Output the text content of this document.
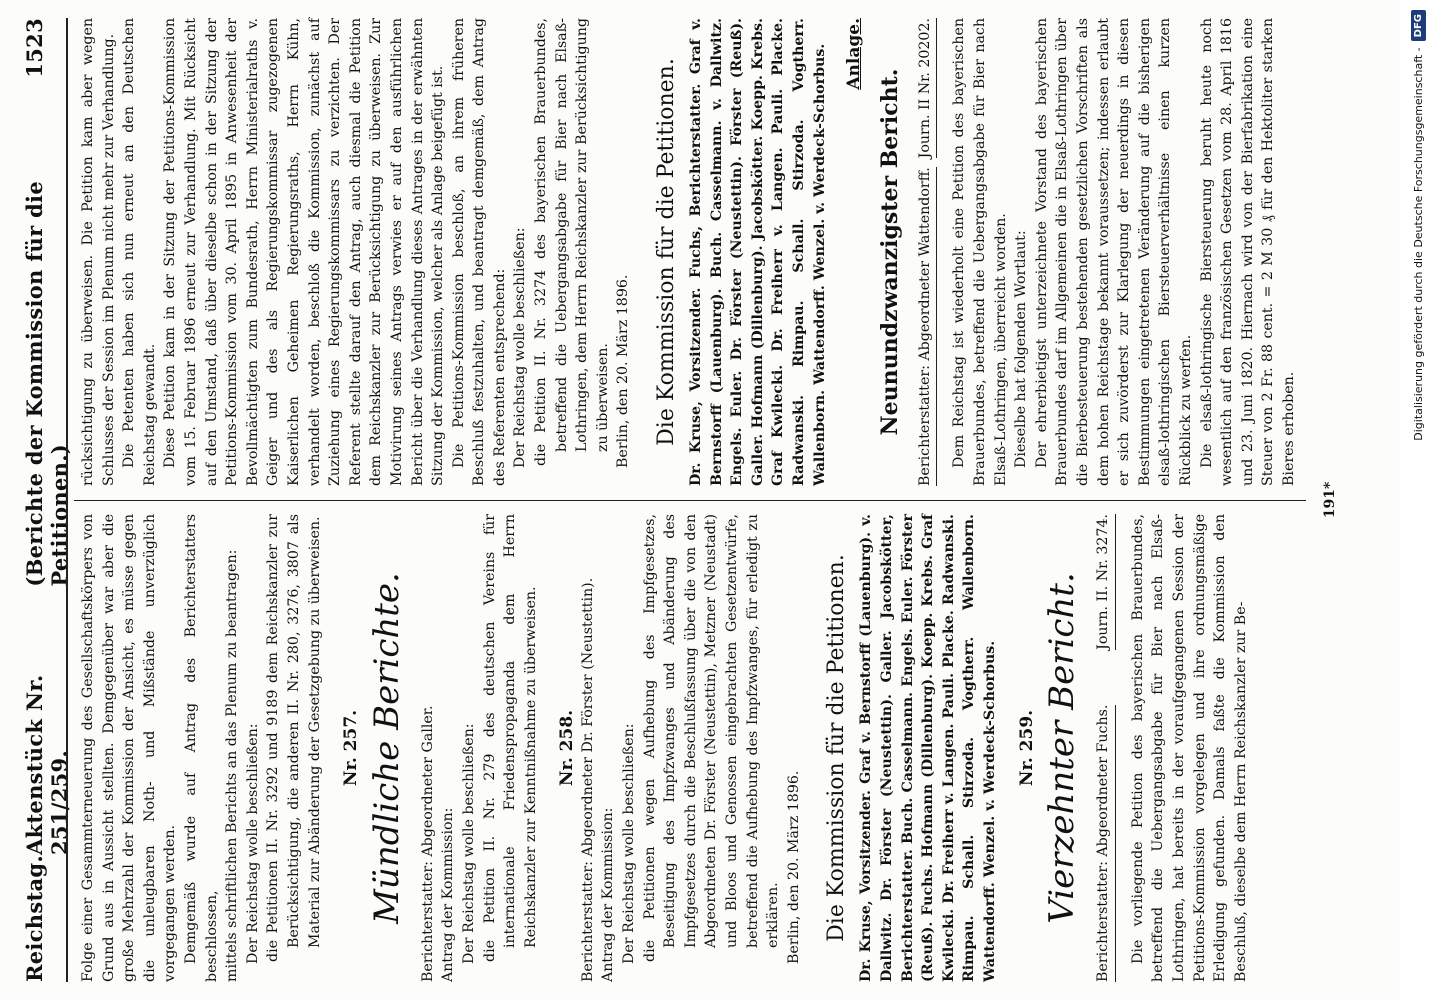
Reichstag.
Aktenstück Nr. 251/259.
(Berichte der Kommission für die Petitionen.)
1523

Folge einer Gesammterneuerung des Gesellschaftskörpers von Grund aus in Aussicht stellten. Demgegenüber war aber die große Mehrzahl der Kommission der Ansicht, es müsse gegen die unleugbaren Noth- und Mißstände unverzüglich vorgegangen werden. Demgemäß wurde auf Antrag des Berichterstatters beschlossen, mittels schriftlichen Berichts an das Plenum zu beantragen: Der Reichstag wolle beschließen: die Petitionen II. Nr. 3292 und 9189 dem Reichskanzler zur Berücksichtigung, die anderen II. Nr. 280, 3276, 3807 als Material zur Abänderung der Gesetzgebung zu überweisen. Nr. 257. Mündliche Berichte. Berichterstatter: Abgeordneter Galler. Antrag der Kommission: Der Reichstag wolle beschließen: die Petition II. Nr. 279 des deutschen Vereins für internationale Friedenspropaganda dem Herrn Reichskanzler zur Kenntnißnahme zu überweisen. Nr. 258. Berichterstatter: Abgeordneter Dr. Förster (Neustettin). Antrag der Kommission: Der Reichstag wolle beschließen: die Petitionen wegen Aufhebung des Impfgesetzes, Beseitigung des Impfzwanges und Abänderung des Impfgesetzes durch die Beschlußfassung über die von den Abgeordneten Dr. Förster (Neustettin), Metzner (Neustadt) und Bloos und Genossen eingebrachten Gesetzentwürfe, betreffend die Aufhebung des Impfzwanges, für erledigt zu erklären. Berlin, den 20. März 1896. Die Kommission für die Petitionen. Dr. Kruse, Vorsitzender. Graf v. Bernstorff (Lauenburg). v. Dallwitz. Dr. Förster (Neustettin). Galler. Jacobskötter, Berichterstatter. Buch. Casselmann. Engels. Euler. Förster (Reuß). Fuchs. Hofmann (Dillenburg). Koepp. Krebs. Graf Kwilecki. Dr. Freiherr v. Langen. Pauli. Placke. Radwanski. Rimpau. Schall. Stirzoda. Vogtherr. Wallenborn. Wattendorff. Wenzel. v. Werdeck-Schorbus. Nr. 259. Vierzehnter Bericht. Berichterstatter: Abgeordneter Fuchs.
Journ. II. Nr. 3274.	Die vorliegende Petition des bayerischen Brauerbundes, betreffend die Uebergangsabgabe für Bier nach Elsaß-Lothringen, hat bereits in der voraufgegangenen Session der Petitions-Kommission vorgelegen und ihre ordnungsmäßige Erledigung gefunden. Damals faßte die Kommission den Beschluß, dieselbe dem Herrn Reichskanzler zur Be-

rücksichtigung zu überweisen. Die Petition kam aber wegen Schlusses der Session im Plenum nicht mehr zur Verhandlung. Die Petenten haben sich nun erneut an den Deutschen Reichstag gewandt. Diese Petition kam in der Sitzung der Petitions-Kommission vom 15. Februar 1896 erneut zur Verhandlung. Mit Rücksicht auf den Umstand, daß über dieselbe schon in der Sitzung der Petitions-Kommission vom 30. April 1895 in Anwesenheit der Bevollmächtigten zum Bundesrath, Herrn Ministerialraths v. Geiger und des als Regierungskommissar zugezogenen Kaiserlichen Geheimen Regierungsraths, Herrn Kühn, verhandelt worden, beschloß die Kommission, zunächst auf Zuziehung eines Regierungskommissars zu verzichten. Der Referent stellte darauf den Antrag, auch diesmal die Petition dem Reichskanzler zur Berücksichtigung zu überweisen. Zur Motivirung seines Antrags verwies er auf den ausführlichen Bericht über die Verhandlung dieses Antrages in der erwähnten Sitzung der Kommission, welcher als Anlage beigefügt ist. Die Petitions-Kommission beschloß, an ihrem früheren Beschluß festzuhalten, und beantragt demgemäß, dem Antrag des Referenten entsprechend: Der Reichstag wolle beschließen: die Petition II. Nr. 3274 des bayerischen Brauerbundes, betreffend die Uebergangsabgabe für Bier nach Elsaß-Lothringen, dem Herrn Reichskanzler zur Berücksichtigung zu überweisen. Berlin, den 20. März 1896. Die Kommission für die Petitionen. Dr. Kruse, Vorsitzender. Fuchs, Berichterstatter. Graf v. Bernstorff (Lauenburg). Buch. Casselmann. v. Dallwitz. Engels. Euler. Dr. Förster (Neustettin). Förster (Reuß). Galler. Hofmann (Dillenburg). Jacobskötter. Koepp. Krebs. Graf Kwilecki. Dr. Freiherr v. Langen. Pauli. Placke. Radwanski. Rimpau. Schall. Stirzoda. Vogtherr. Wallenborn. Wattendorff. Wenzel. v. Werdeck-Schorbus. Anlage.
Neunundzwanzigster Bericht. Berichterstatter: Abgeordneter Wattendorff.
Journ. II Nr. 20202.	Dem Reichstag ist wiederholt eine Petition des bayerischen Brauerbundes, betreffend die Uebergangsabgabe für Bier nach Elsaß-Lothringen, überreicht worden. Dieselbe hat folgenden Wortlaut: Der ehrerbietigst unterzeichnete Vorstand des bayerischen Brauerbundes darf im Allgemeinen die in Elsaß-Lothringen über die Bierbesteuerung bestehenden gesetzlichen Vorschriften als dem hohen Reichstage bekannt voraussetzen; indessen erlaubt er sich zuvörderst zur Klarlegung der neuerdings in diesen Bestimmungen eingetretenen Veränderung auf die bisherigen elsaß-lothringischen Biersteuerverhältnisse einen kurzen Rückblick zu werfen. Die elsaß-lothringische Biersteuerung beruht heute noch wesentlich auf den französischen Gesetzen vom 28. April 1816 und 23. Juni 1820. Hiernach wird von der Bierfabrikation eine Steuer von 2 Fr. 88 cent. = 2 M 30 ₰ für den Hektoliter starken Bieres erhoben.

191*
Digitalisierung gefördert durch die Deutsche Forschungsgemeinschaft -
DFG
